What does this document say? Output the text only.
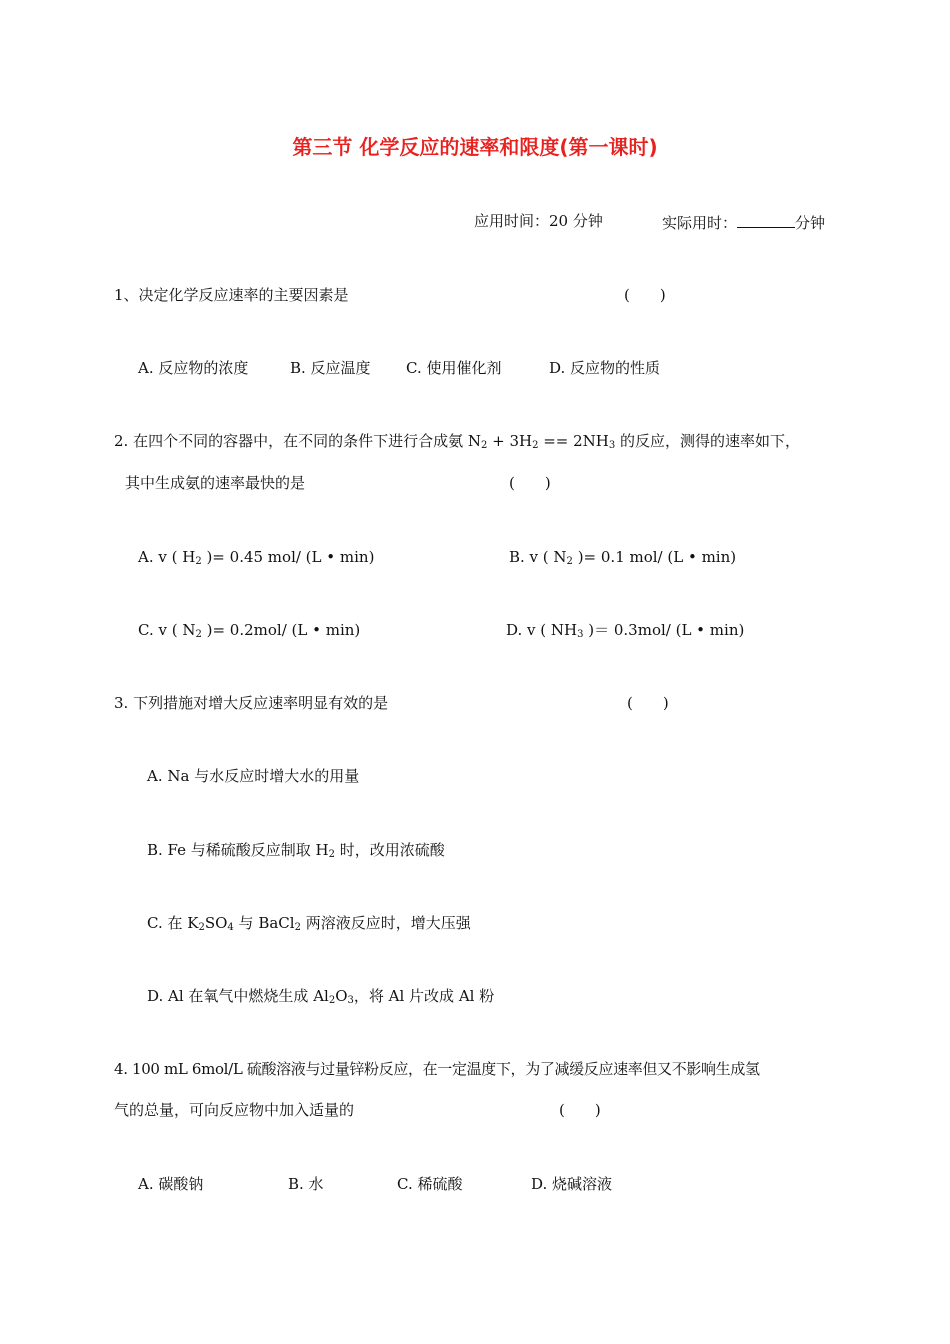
第三节 化学反应的速率和限度(第一课时)
应用时间：20 分钟	实际用时：	分钟
1、决定化学反应速率的主要因素是	(　　)
A. 反应物的浓度	B. 反应温度 C. 使用催化剂	D. 反应物的性质
2. 在四个不同的容器中，在不同的条件下进行合成氨 $N_2 + 3H_2 == 2NH_3$ 的反应，测得的速率如下，
其中生成氨的速率最快的是	(　　)
A. v ( $H_2$ )= 0.45 mol/ (L • min)	B. v ( $N_2$ )= 0.1 mol/ (L • min)
C. v ( $N_2$ )= 0.2mol/ (L • min)	D. v ( $NH_3$ )＝ 0.3mol/ (L • min)
3. 下列措施对增大反应速率明显有效的是	(　　)
A. Na 与水反应时增大水的用量
B. Fe 与稀硫酸反应制取 $H_2$ 时，改用浓硫酸
C. 在 $K_2SO_4$ 与 BaCl$_2$ 两溶液反应时，增大压强
D. Al 在氧气中燃烧生成 $Al_2O_3$，将 Al 片改成 Al 粉
4. 100 mL 6mol/L 硫酸溶液与过量锌粉反应，在一定温度下，为了减缓反应速率但又不影响生成氢
气的总量，可向反应物中加入适量的	(　　)
A. 碳酸钠	B. 水	C. 稀硫酸	D. 烧碱溶液
